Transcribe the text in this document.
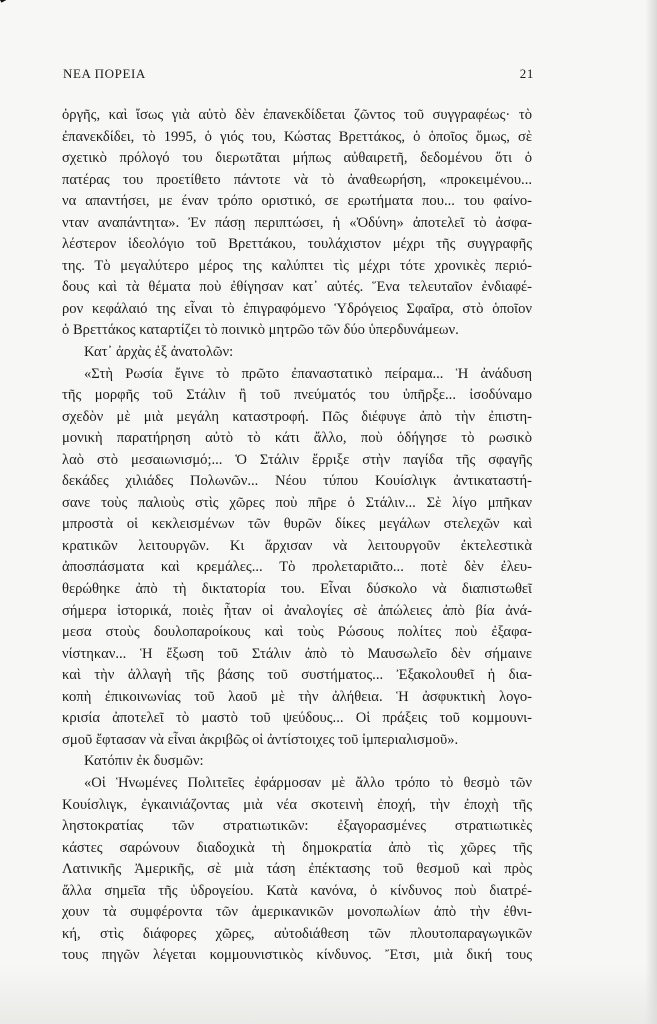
ΝΕΑ ΠΟΡΕΙΑ	21
ὀργῆς, καὶ ἴσως γιὰ αὐτὸ δὲν ἐπανεκδίδεται ζῶντος τοῦ συγγραφέως· τὸ
ἐπανεκδίδει, τὸ 1995, ὁ γιός του, Κώστας Βρεττάκος, ὁ ὁποῖος ὅμως, σὲ
σχετικὸ πρόλογό του διερωτᾶται μήπως αὐθαιρετῆ, δεδομένου ὅτι ὁ
πατέρας του προετίθετο πάντοτε νὰ τὸ ἀναθεωρήση, «προκειμένου...
να απαντήσει, με έναν τρόπο οριστικό, σε ερωτήματα που... του φαίνο-
νταν αναπάντητα». Ἐν πάσῃ περιπτώσει, ἡ «Ὀδύνη» ἀποτελεῖ τὸ ἀσφα-
λέστερον ἰδεολόγιο τοῦ Βρεττάκου, τουλάχιστον μέχρι τῆς συγγραφῆς
της. Τὸ μεγαλύτερο μέρος της καλύπτει τὶς μέχρι τότε χρονικὲς περιό-
δους καὶ τὰ θέματα ποὺ ἐθίγησαν κατ᾽ αὐτές. Ἕνα τελευταῖον ἐνδιαφέ-
ρον κεφάλαιό της εἶναι τὸ ἐπιγραφόμενο Ὑδρόγειος Σφαῖρα, στὸ ὁποῖον
ὁ Βρεττάκος καταρτίζει τὸ ποινικὸ μητρῶο τῶν δύο ὑπερδυνάμεων.
Κατ᾽ ἀρχὰς ἐξ ἀνατολῶν:
«Στὴ Ρωσία ἔγινε τὸ πρῶτο ἐπαναστατικὸ πείραμα... Ἡ ἀνάδυση
τῆς μορφῆς τοῦ Στάλιν ἢ τοῦ πνεύματός του ὑπῆρξε... ἰσοδύναμο
σχεδὸν μὲ μιὰ μεγάλη καταστροφή. Πῶς διέφυγε ἀπὸ τὴν ἐπιστη-
μονικὴ παρατήρηση αὐτὸ τὸ κάτι ἄλλο, ποὺ ὁδήγησε τὸ ρωσικὸ
λαὸ στὸ μεσαιωνισμό;... Ὁ Στάλιν ἔρριξε στὴν παγίδα τῆς σφαγῆς
δεκάδες χιλιάδες Πολωνῶν... Νέου τύπου Κουίσλιγκ ἀντικαταστή-
σανε τοὺς παλιοὺς στὶς χῶρες ποὺ πῆρε ὁ Στάλιν... Σὲ λίγο μπῆκαν
μπροστὰ οἱ κεκλεισμένων τῶν θυρῶν δίκες μεγάλων στελεχῶν καὶ
κρατικῶν λειτουργῶν. Κι ἄρχισαν νὰ λειτουργοῦν ἐκτελεστικὰ
ἀποσπάσματα καὶ κρεμάλες... Τὸ προλεταριᾶτο... ποτὲ δὲν ἐλευ-
θερώθηκε ἀπὸ τὴ δικτατορία του. Εἶναι δύσκολο νὰ διαπιστωθεῖ
σήμερα ἱστορικά, ποιὲς ἦταν οἱ ἀναλογίες σὲ ἀπώλειες ἀπὸ βία ἀνά-
μεσα στοὺς δουλοπαροίκους καὶ τοὺς Ρώσους πολίτες ποὺ ἐξαφα-
νίστηκαν... Ἡ ἔξωση τοῦ Στάλιν ἀπὸ τὸ Μαυσωλεῖο δὲν σήμαινε
καὶ τὴν ἀλλαγὴ τῆς βάσης τοῦ συστήματος... Ἐξακολουθεῖ ἡ δια-
κοπὴ ἐπικοινωνίας τοῦ λαοῦ μὲ τὴν ἀλήθεια. Ἡ ἀσφυκτικὴ λογο-
κρισία ἀποτελεῖ τὸ μαστὸ τοῦ ψεύδους... Οἱ πράξεις τοῦ κομμουνι-
σμοῦ ἔφτασαν νὰ εἶναι ἀκριβῶς οἱ ἀντίστοιχες τοῦ ἰμπεριαλισμοῦ».
Κατόπιν ἐκ δυσμῶν:
«Οἱ Ἡνωμένες Πολιτεῖες ἐφάρμοσαν μὲ ἄλλο τρόπο τὸ θεσμὸ τῶν
Κουίσλιγκ, ἐγκαινιάζοντας μιὰ νέα σκοτεινὴ ἐποχή, τὴν ἐποχὴ τῆς
ληστοκρατίας τῶν στρατιωτικῶν: ἐξαγορασμένες στρατιωτικὲς
κάστες σαρώνουν διαδοχικὰ τὴ δημοκρατία ἀπὸ τὶς χῶρες τῆς
Λατινικῆς Ἀμερικῆς, σὲ μιὰ τάση ἐπέκτασης τοῦ θεσμοῦ καὶ πρὸς
ἄλλα σημεῖα τῆς ὑδρογείου. Κατὰ κανόνα, ὁ κίνδυνος ποὺ διατρέ-
χουν τὰ συμφέροντα τῶν ἀμερικανικῶν μονοπωλίων ἀπὸ τὴν ἐθνι-
κή, στὶς διάφορες χῶρες, αὐτοδιάθεση τῶν πλουτοπαραγωγικῶν
τους πηγῶν λέγεται κομμουνιστικὸς κίνδυνος. Ἔτσι, μιὰ δική τους
